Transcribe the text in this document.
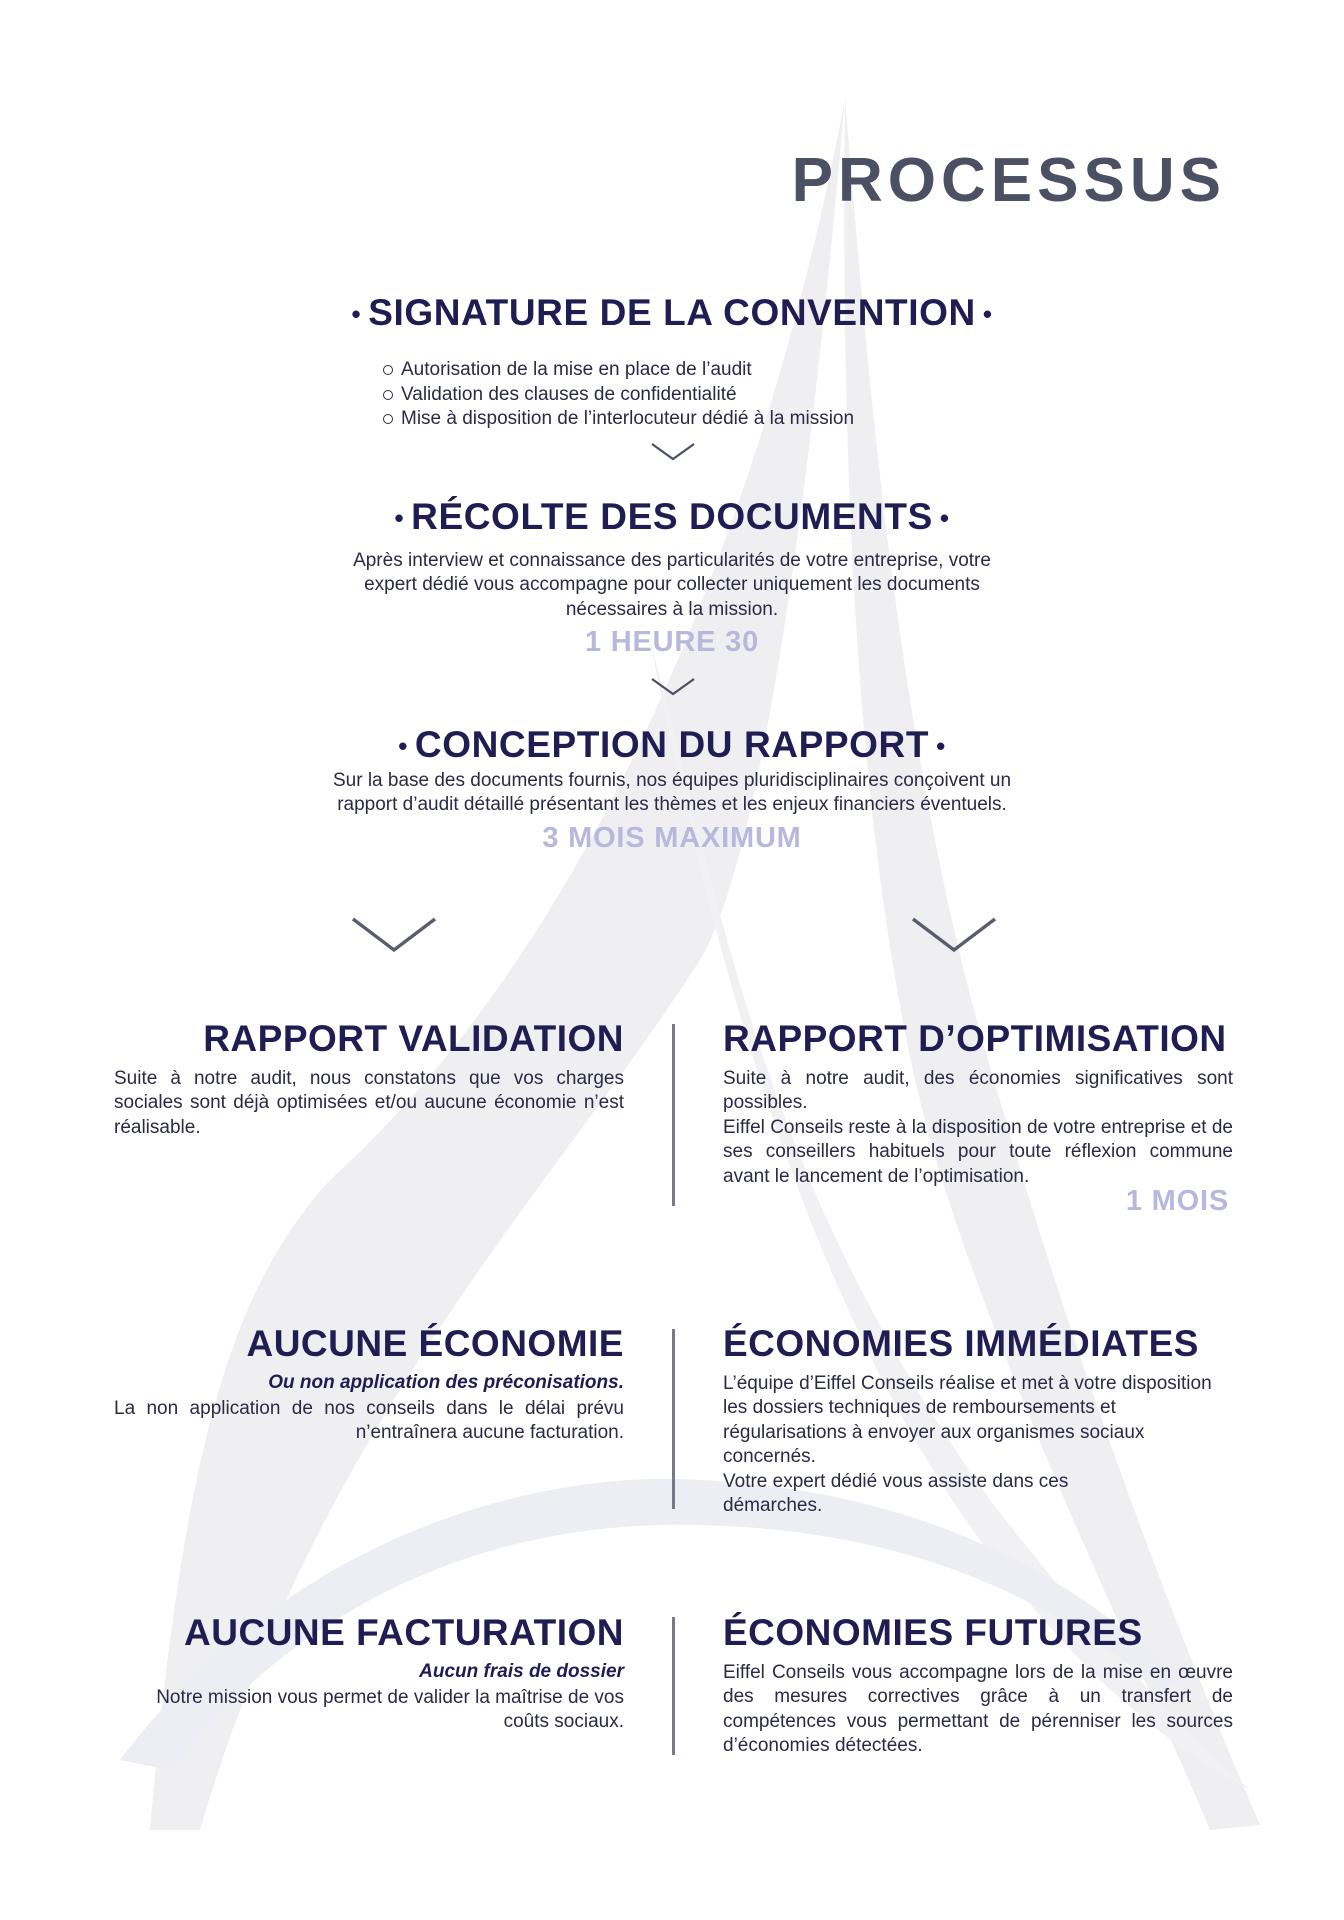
PROCESSUS
• SIGNATURE DE LA CONVENTION •
Autorisation de la mise en place de l’audit
Validation des clauses de confidentialité
Mise à disposition de l’interlocuteur dédié à la mission
• RÉCOLTE DES DOCUMENTS •

Après interview et connaissance des particularités de votre entreprise, votre expert dédié vous accompagne pour collecter uniquement les documents nécessaires à la mission.

1 HEURE 30
• CONCEPTION DU RAPPORT •

Sur la base des documents fournis, nos équipes pluridisciplinaires conçoivent un rapport d’audit détaillé présentant les thèmes et les enjeux financiers éventuels.

3 MOIS MAXIMUM
RAPPORT VALIDATION

Suite à notre audit, nous constatons que vos charges sociales sont déjà optimisées et/ou aucune économie n’est réalisable.

RAPPORT D’OPTIMISATION

Suite à notre audit, des économies significatives sont possibles.

Eiffel Conseils reste à la disposition de votre entreprise et de ses conseillers habituels pour toute réflexion commune avant le lancement de l’optimisation.

1 MOIS
AUCUNE ÉCONOMIE
Ou non application des préconisations.

La non application de nos conseils dans le délai prévu n’entraînera aucune facturation.

ÉCONOMIES IMMÉDIATES

L’équipe d’Eiffel Conseils réalise et met à votre disposition les dossiers techniques de remboursements et régularisations à envoyer aux organismes sociaux concernés.

Votre expert dédié vous assiste dans ces démarches.

AUCUNE FACTURATION
Aucun frais de dossier

Notre mission vous permet de valider la maîtrise de vos coûts sociaux.

ÉCONOMIES FUTURES

Eiffel Conseils vous accompagne lors de la mise en œuvre des mesures correctives grâce à un transfert de compétences vous permettant de pérenniser les sources d’économies détectées.
